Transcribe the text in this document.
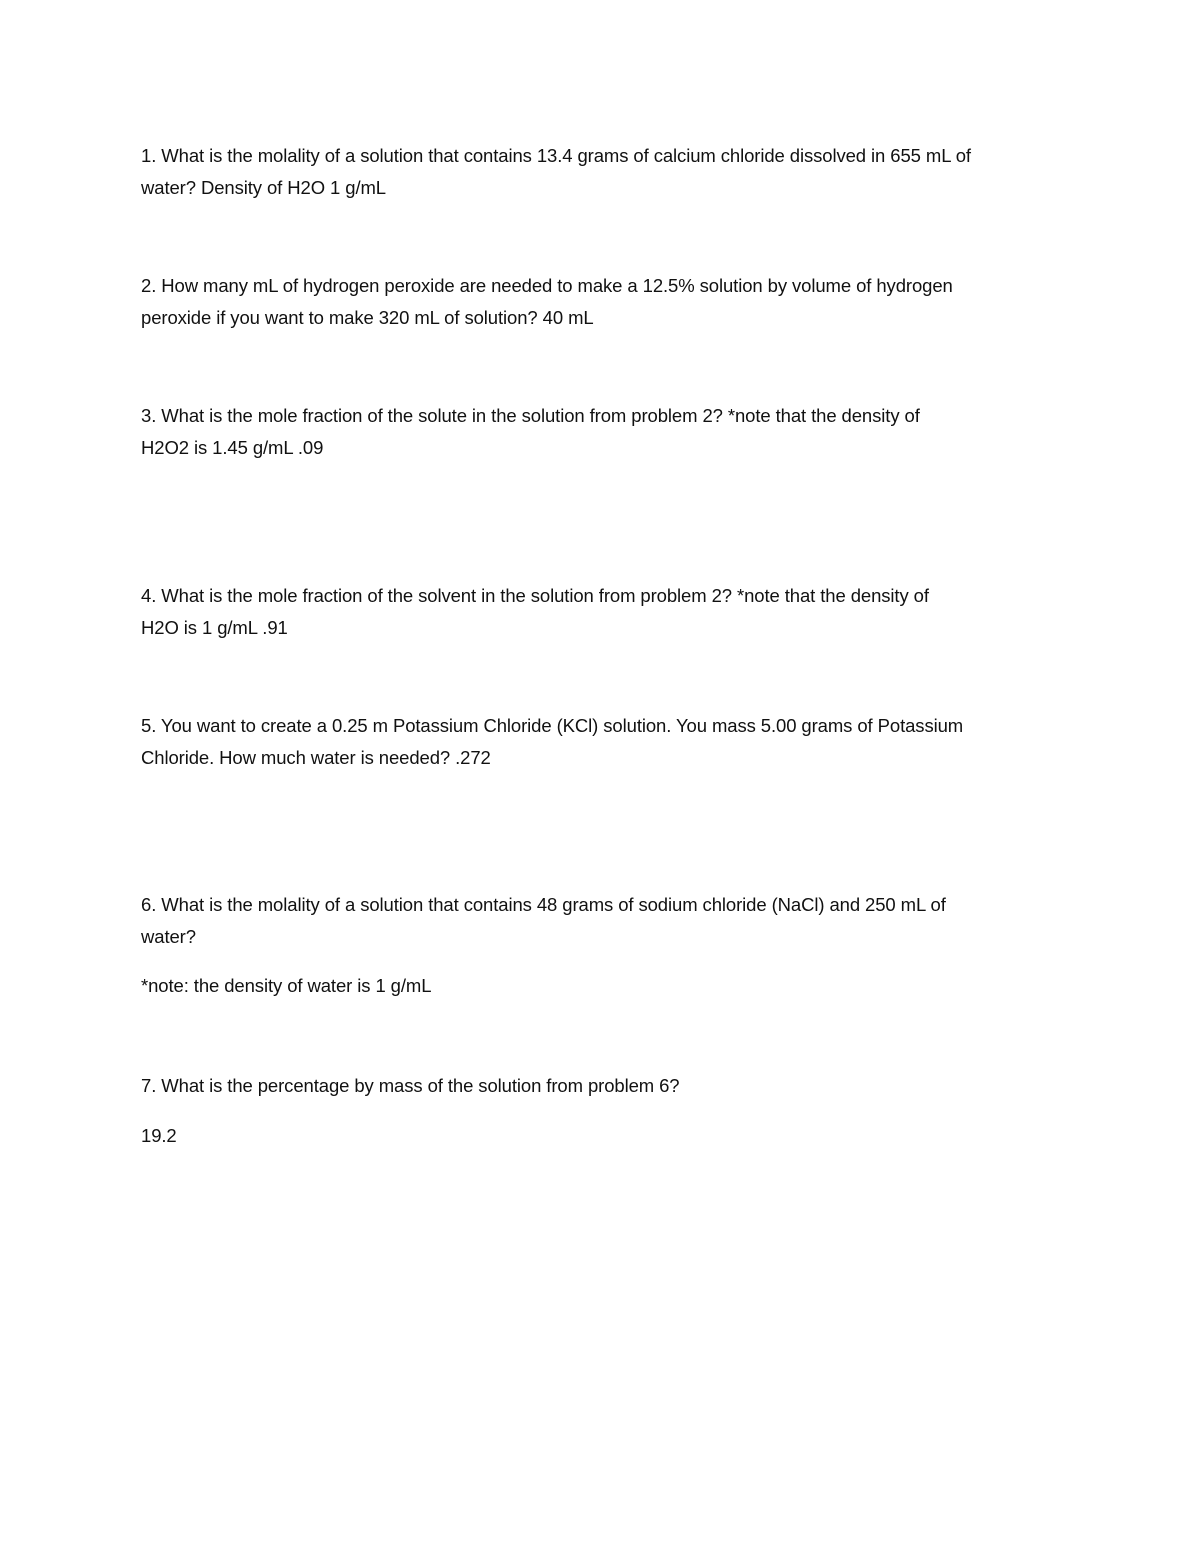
1. What is the molality of a solution that contains 13.4 grams of calcium chloride dissolved in 655 mL of
water? Density of H2O 1 g/mL
2. How many mL of hydrogen peroxide are needed to make a 12.5% solution by volume of hydrogen
peroxide if you want to make 320 mL of solution? 40 mL
3. What is the mole fraction of the solute in the solution from problem 2? *note that the density of
H2O2 is 1.45 g/mL .09
4. What is the mole fraction of the solvent in the solution from problem 2? *note that the density of
H2O is 1 g/mL .91
5. You want to create a 0.25 m Potassium Chloride (KCl) solution. You mass 5.00 grams of Potassium
Chloride. How much water is needed? .272
6. What is the molality of a solution that contains 48 grams of sodium chloride (NaCl) and 250 mL of
water?
*note: the density of water is 1 g/mL
7. What is the percentage by mass of the solution from problem 6?
19.2
